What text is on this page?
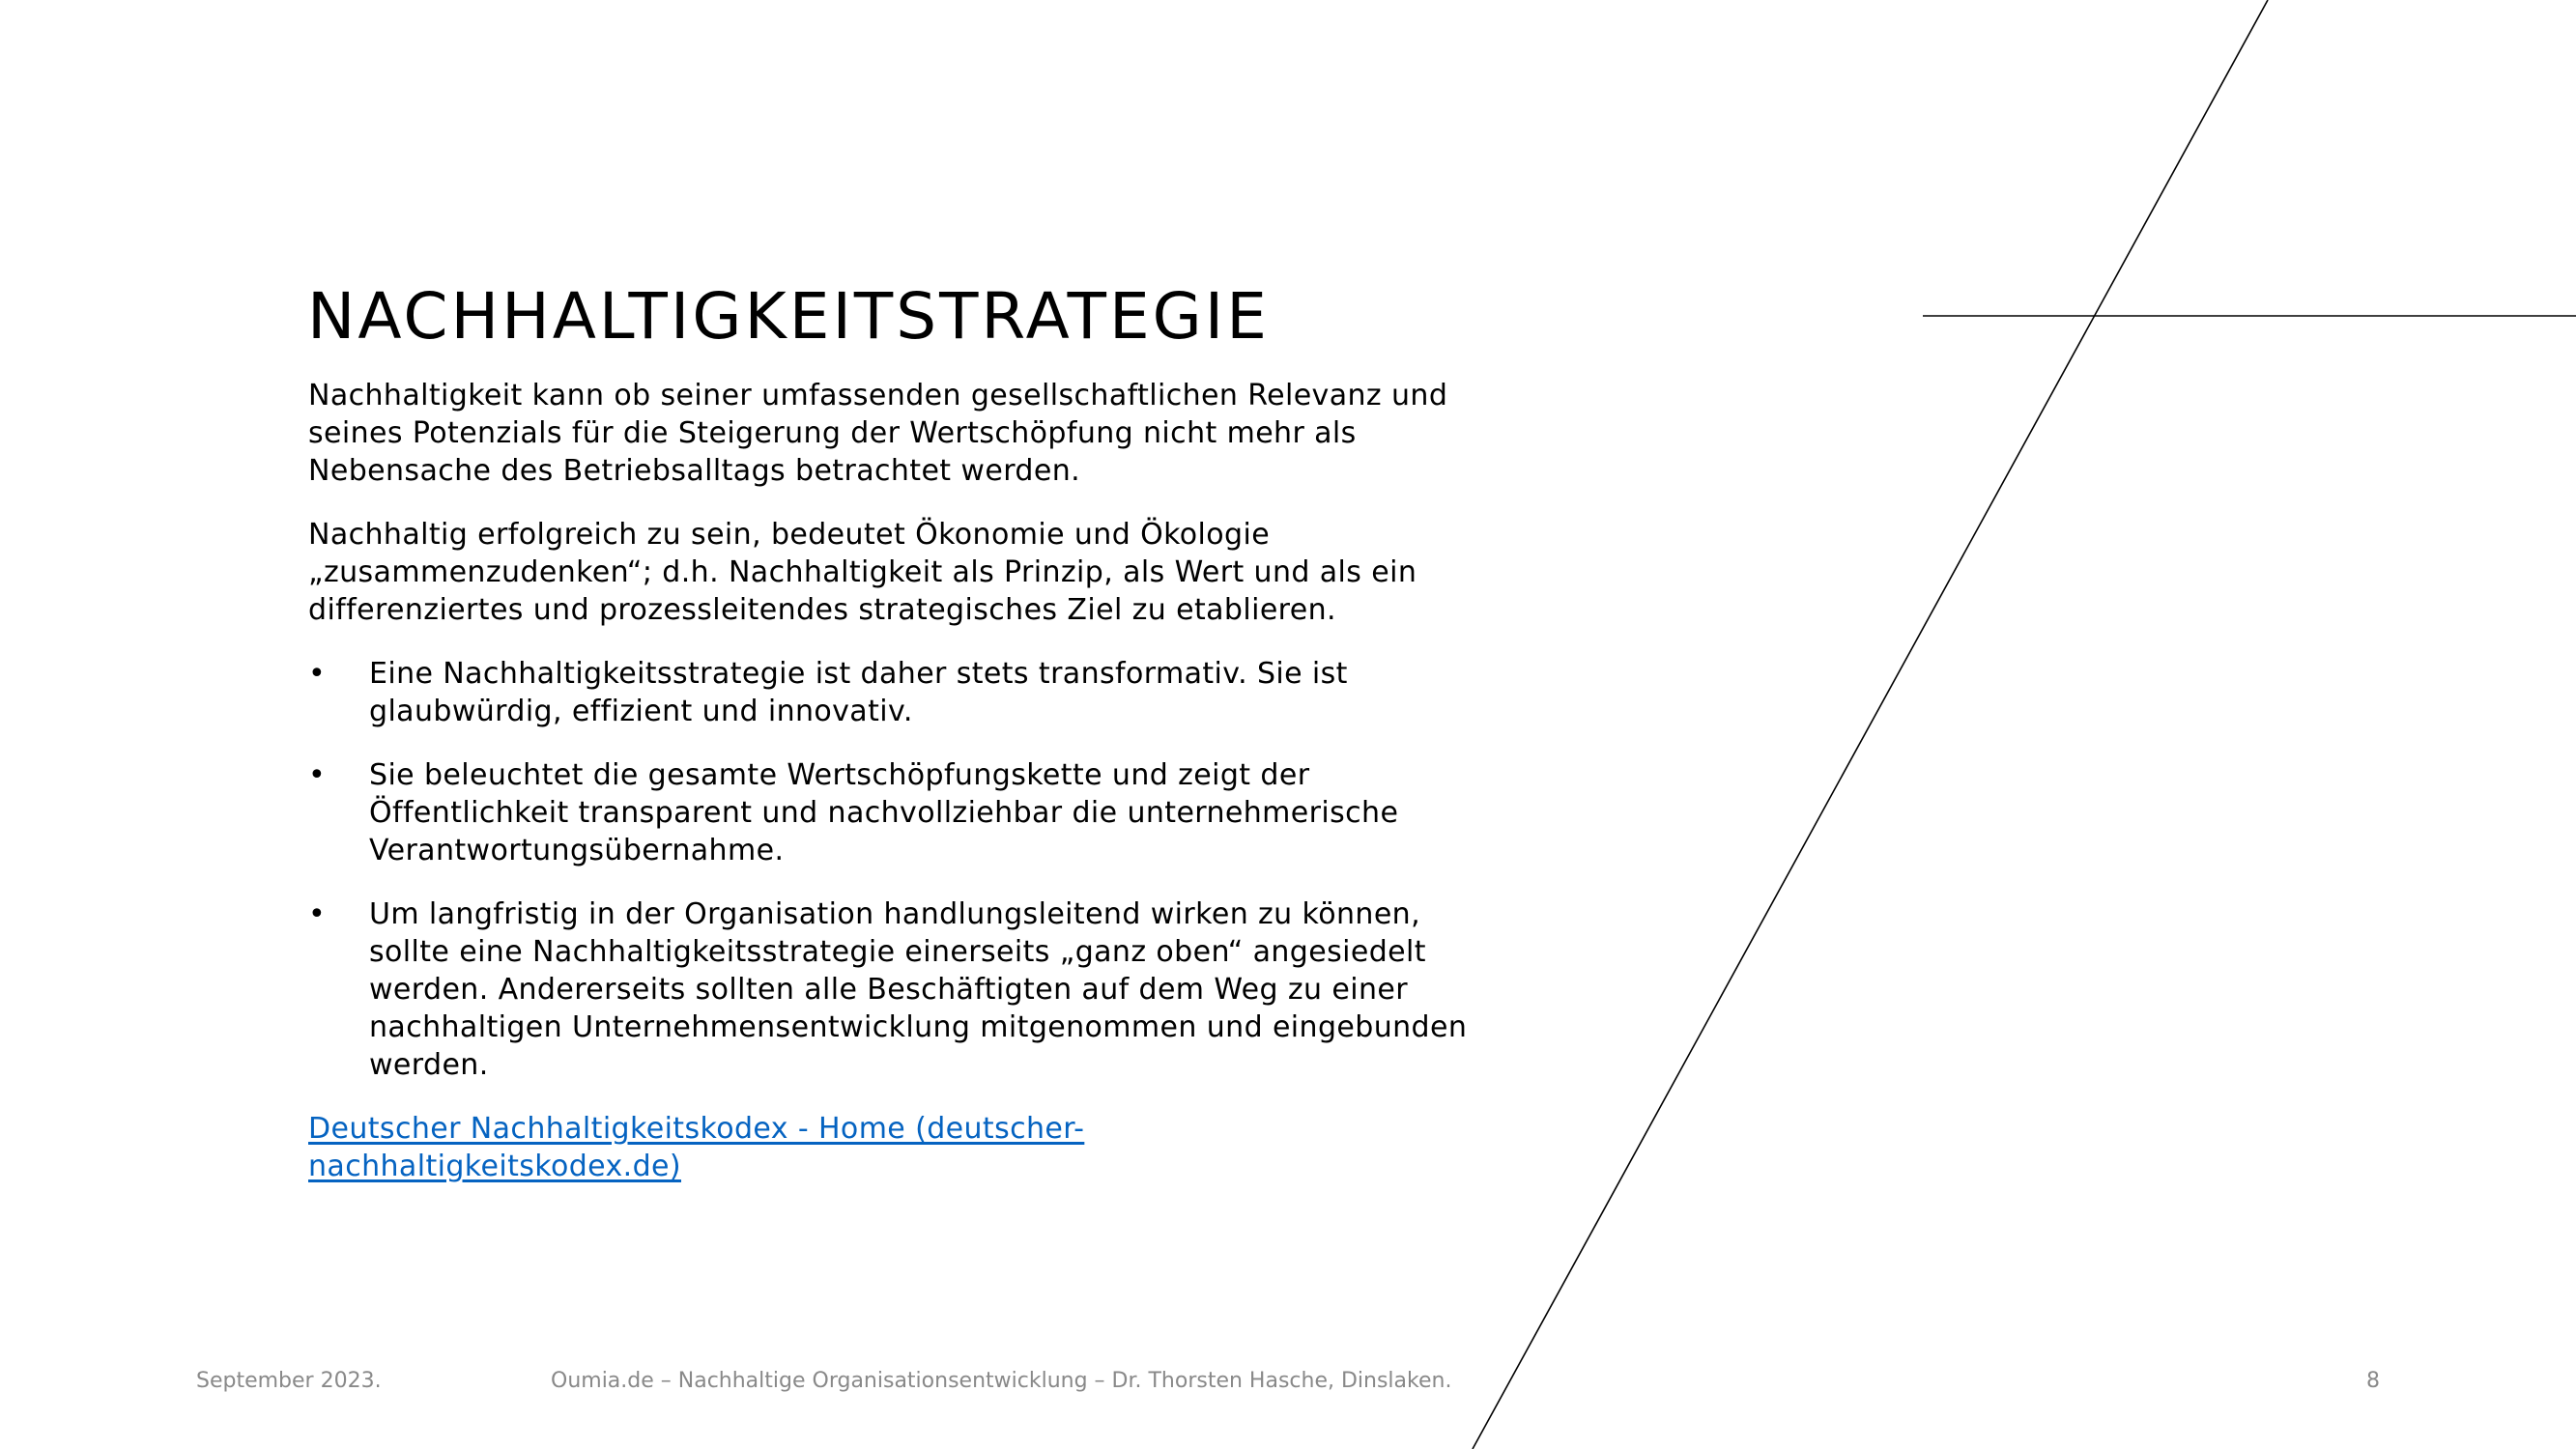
NACHHALTIGKEITSTRATEGIE

Nachhaltigkeit kann ob seiner umfassenden gesellschaftlichen Relevanz und
seines Potenzials für die Steigerung der Wertschöpfung nicht mehr als
Nebensache des Betriebsalltags betrachtet werden.

Nachhaltig erfolgreich zu sein, bedeutet Ökonomie und Ökologie
„zusammenzudenken“; d.h. Nachhaltigkeit als Prinzip, als Wert und als ein
differenziertes und prozessleitendes strategisches Ziel zu etablieren.

• Eine Nachhaltigkeitsstrategie ist daher stets transformativ. Sie ist
glaubwürdig, effizient und innovativ.
• Sie beleuchtet die gesamte Wertschöpfungskette und zeigt der
Öffentlichkeit transparent und nachvollziehbar die unternehmerische
Verantwortungsübernahme.
• Um langfristig in der Organisation handlungsleitend wirken zu können,
sollte eine Nachhaltigkeitsstrategie einerseits „ganz oben“ angesiedelt
werden. Andererseits sollten alle Beschäftigten auf dem Weg zu einer
nachhaltigen Unternehmensentwicklung mitgenommen und eingebunden
werden.
Deutscher Nachhaltigkeitskodex - Home (deutscher-
nachhaltigkeitskodex.de)
September 2023.	Oumia.de – Nachhaltige Organisationsentwicklung – Dr. Thorsten Hasche, Dinslaken.	8
